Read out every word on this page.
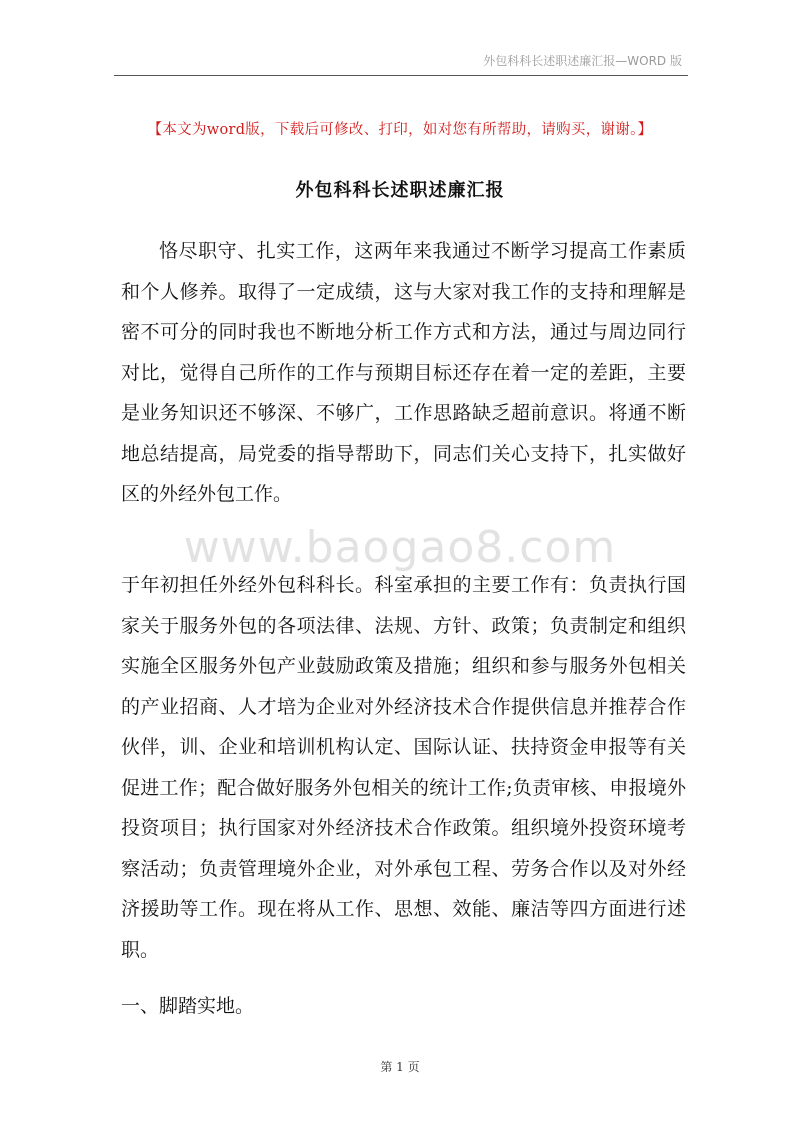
外包科科长述职述廉汇报—WORD 版
【本文为word版，下载后可修改、打印，如对您有所帮助，请购买，谢谢。】
外包科科长述职述廉汇报

恪尽职守、扎实工作，这两年来我通过不断学习提高工作素质和个人修养。取得了一定成绩，这与大家对我工作的支持和理解是密不可分的同时我也不断地分析工作方式和方法，通过与周边同行对比，觉得自己所作的工作与预期目标还存在着一定的差距，主要是业务知识还不够深、不够广，工作思路缺乏超前意识。将通不断地总结提高，局党委的指导帮助下，同志们关心支持下，扎实做好区的外经外包工作。

www.baogao8.com

于年初担任外经外包科科长。科室承担的主要工作有：负责执行国家关于服务外包的各项法律、法规、方针、政策；负责制定和组织实施全区服务外包产业鼓励政策及措施；组织和参与服务外包相关的产业招商、人才培为企业对外经济技术合作提供信息并推荐合作伙伴，训、企业和培训机构认定、国际认证、扶持资金申报等有关促进工作；配合做好服务外包相关的统计工作;负责审核、申报境外投资项目；执行国家对外经济技术合作政策。组织境外投资环境考察活动；负责管理境外企业，对外承包工程、劳务合作以及对外经济援助等工作。现在将从工作、思想、效能、廉洁等四方面进行述职。

一、脚踏实地。

第 1 页
